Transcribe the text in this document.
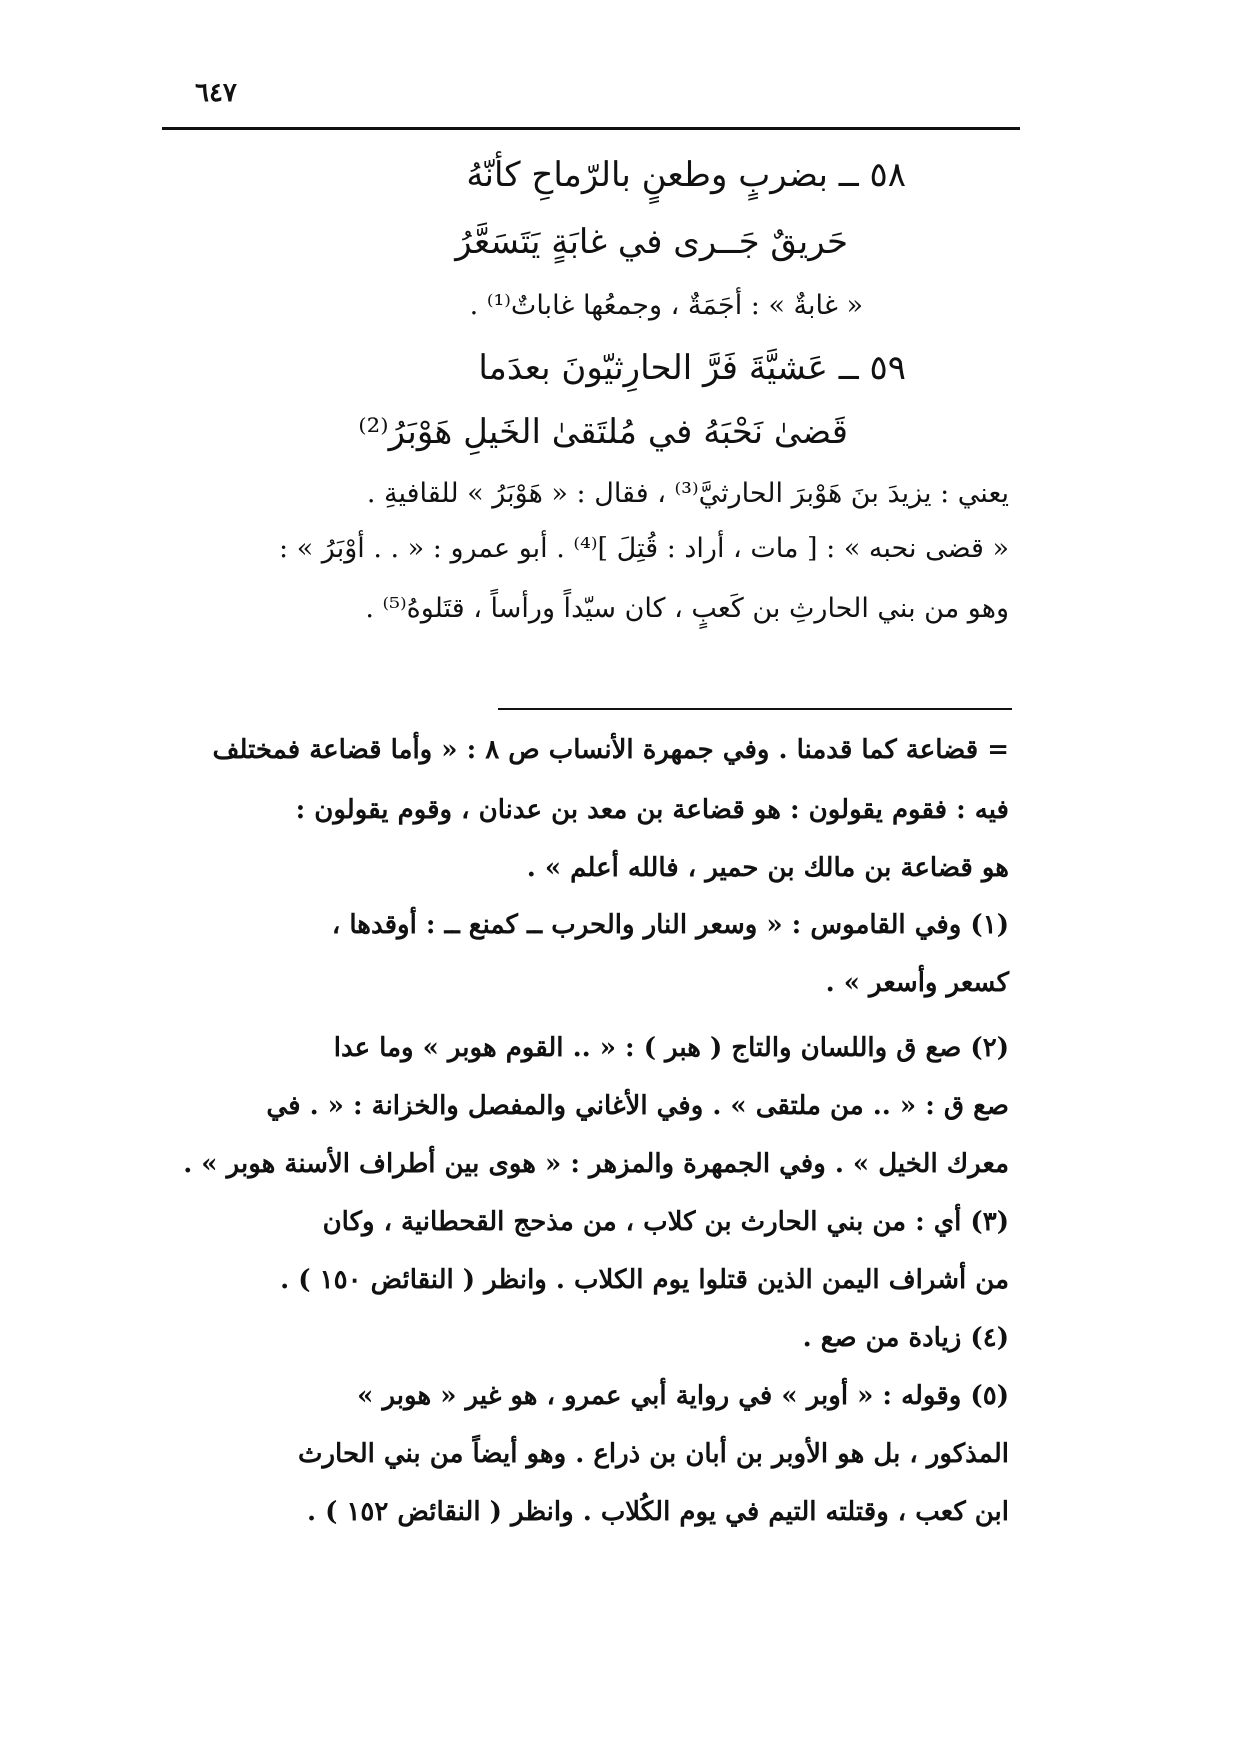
٦٤٧
٥٨ ــ بضربٍ وطعنٍ بالرّماحِ كأنّهُ
حَريقٌ جَــرى في غابَةٍ يَتَسَعَّرُ
« غابةٌ » : أجَمَةٌ ، وجمعُها غاباتٌ⁽¹⁾ .
٥٩ ــ عَشيَّةَ فَرَّ الحارِثيّونَ بعدَما
قَضىٰ نَحْبَهُ في مُلتَقىٰ الخَيلِ هَوْبَرُ⁽²⁾
يعني : يزيدَ بنَ هَوْبرَ الحارثيَّ⁽³⁾ ، فقال : « هَوْبَرُ » للقافيةِ .
« قضى نحبه » : [ مات ، أراد : قُتِلَ ]⁽⁴⁾ . أبو عمرو : « . . أوْبَرُ » :
وهو من بني الحارثِ بن كَعبٍ ، كان سيّداً ورأساً ، قتَلوهُ⁽⁵⁾ .
= قضاعة كما قدمنا . وفي جمهرة الأنساب ص ٨ : « وأما قضاعة فمختلف
فيه : فقوم يقولون : هو قضاعة بن معد بن عدنان ، وقوم يقولون :
هو قضاعة بن مالك بن حمير ، فالله أعلم » .
(١) وفي القاموس : « وسعر النار والحرب ــ كمنع ــ : أوقدها ،
كسعر وأسعر » .
(٢) صع ق واللسان والتاج ( هبر ) : « .. القوم هوبر » وما عدا
صع ق : « .. من ملتقى » . وفي الأغاني والمفصل والخزانة : « . في
معرك الخيل » . وفي الجمهرة والمزهر : « هوى بين أطراف الأسنة هوبر » .
(٣) أي : من بني الحارث بن كلاب ، من مذحج القحطانية ، وكان
من أشراف اليمن الذين قتلوا يوم الكلاب . وانظر ( النقائض ١٥٠ ) .
(٤) زيادة من صع .
(٥) وقوله : « أوبر » في رواية أبي عمرو ، هو غير « هوبر »
المذكور ، بل هو الأوبر بن أبان بن ذراع . وهو أيضاً من بني الحارث
ابن كعب ، وقتلته التيم في يوم الكُلاب . وانظر ( النقائض ١٥٢ ) .
